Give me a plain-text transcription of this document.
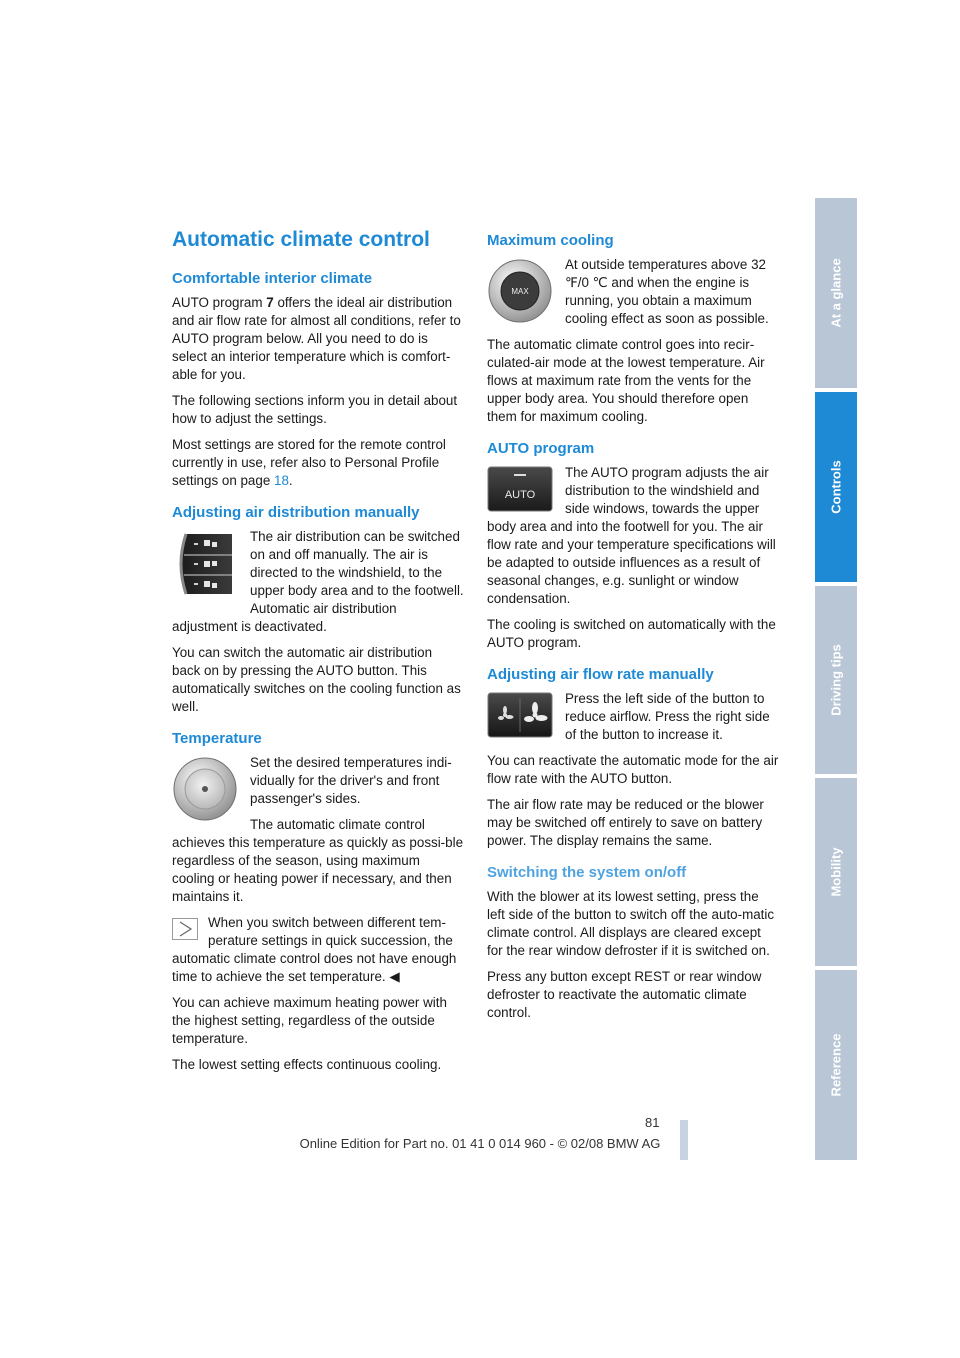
Automatic climate control
Comfortable interior climate

AUTO program 7 offers the ideal air distribution and air flow rate for almost all conditions, refer to AUTO program below. All you need to do is select an interior temperature which is comfort-able for you.

The following sections inform you in detail about how to adjust the settings.

Most settings are stored for the remote control currently in use, refer also to Personal Profile settings on page 18.

Adjusting air distribution manually

The air distribution can be switched on and off manually. The air is directed to the windshield, to the upper body area and to the footwell. Automatic air distribution adjustment is deactivated.

You can switch the automatic air distribution back on by pressing the AUTO button. This automatically switches on the cooling function as well.

Temperature

Set the desired temperatures indi-vidually for the driver's and front passenger's sides.

The automatic climate control achieves this temperature as quickly as possi-ble regardless of the season, using maximum cooling or heating power if necessary, and then maintains it.

When you switch between different tem-perature settings in quick succession, the automatic climate control does not have enough time to achieve the set temperature. ◀

You can achieve maximum heating power with the highest setting, regardless of the outside temperature.

The lowest setting effects continuous cooling.

Maximum cooling

MAX
At outside temperatures above 32 ℉/0 ℃ and when the engine is running, you obtain a maximum cooling effect as soon as possible.

The automatic climate control goes into recir-culated-air mode at the lowest temperature. Air flows at maximum rate from the vents for the upper body area. You should therefore open them for maximum cooling.

AUTO program

AUTO
The AUTO program adjusts the air distribution to the windshield and side windows, towards the upper body area and into the footwell for you. The air flow rate and your temperature specifications will be adapted to outside influences as a result of seasonal changes, e.g. sunlight or window condensation.

The cooling is switched on automatically with the AUTO program.

Adjusting air flow rate manually

Press the left side of the button to reduce airflow. Press the right side of the button to increase it.

You can reactivate the automatic mode for the air flow rate with the AUTO button.

The air flow rate may be reduced or the blower may be switched off entirely to save on battery power. The display remains the same.

Switching the system on/off

With the blower at its lowest setting, press the left side of the button to switch off the auto-matic climate control. All displays are cleared except for the rear window defroster if it is switched on.

Press any button except REST or rear window defroster to reactivate the automatic climate control.

At a glance
Controls
Driving tips
Mobility
Reference
81
Online Edition for Part no. 01 41 0 014 960 - © 02/08 BMW AG
